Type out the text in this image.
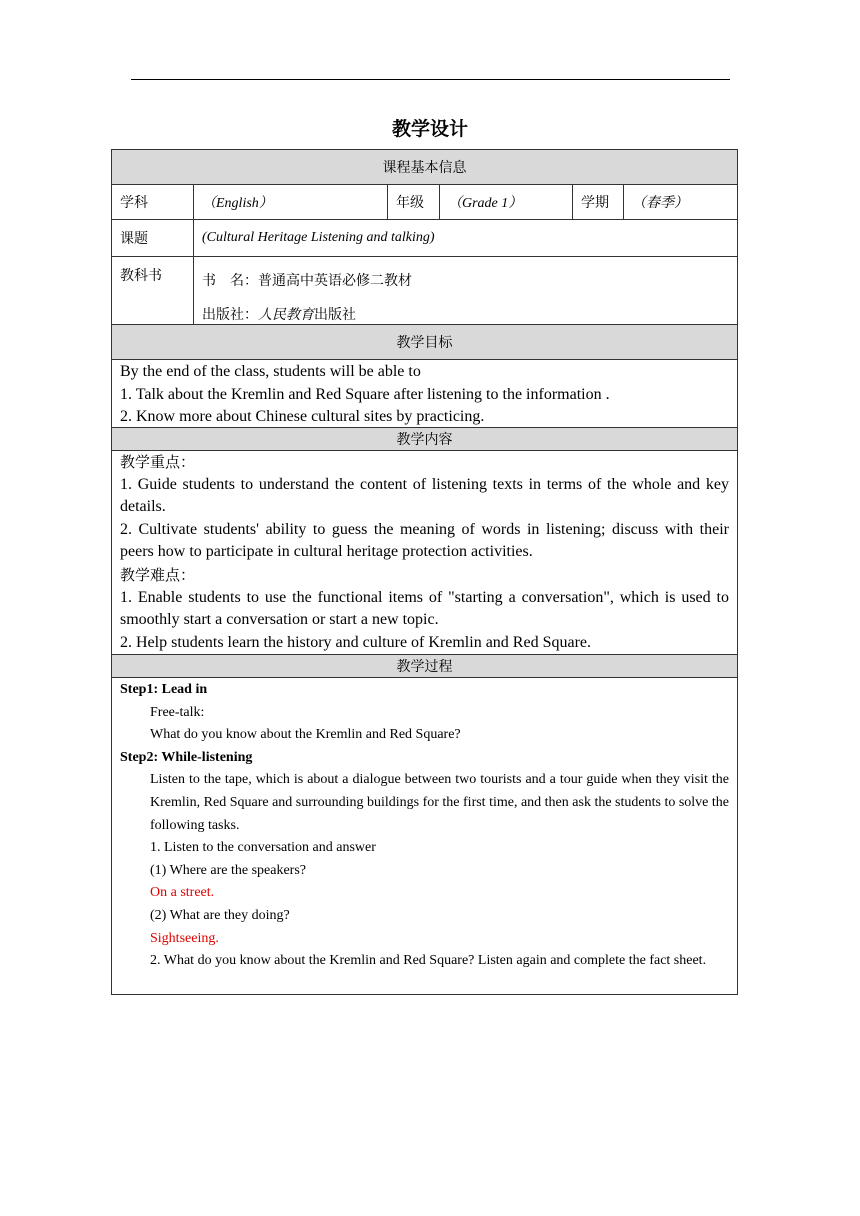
教学设计
课程基本信息
学科	（English）	年级	（Grade 1）	学期	（春季）
课题	(Cultural Heritage Listening and talking)
教科书	书　名：普通高中英语必修二教材

出版社：人民教育出版社

教学目标

By the end of the class, students will be able to

1. Talk about the Kremlin and Red Square after listening to the information .

2. Know more about Chinese cultural sites by practicing.

教学内容

教学重点：

1. Guide students to understand the content of listening texts in terms of the whole and key details.

2. Cultivate students' ability to guess the meaning of words in listening; discuss with their peers how to participate in cultural heritage protection activities.

教学难点：

1. Enable students to use the functional items of "starting a conversation", which is used to smoothly start a conversation or start a new topic.

2. Help students learn the history and culture of Kremlin and Red Square.

教学过程

Step1: Lead in

Free-talk:

What do you know about the Kremlin and Red Square?

Step2: While-listening

Listen to the tape, which is about a dialogue between two tourists and a tour guide when they visit the Kremlin, Red Square and surrounding buildings for the first time, and then ask the students to solve the following tasks.

1. Listen to the conversation and answer

(1) Where are the speakers?

On a street.

(2) What are they doing?

Sightseeing.

2. What do you know about the Kremlin and Red Square? Listen again and complete the fact sheet.
